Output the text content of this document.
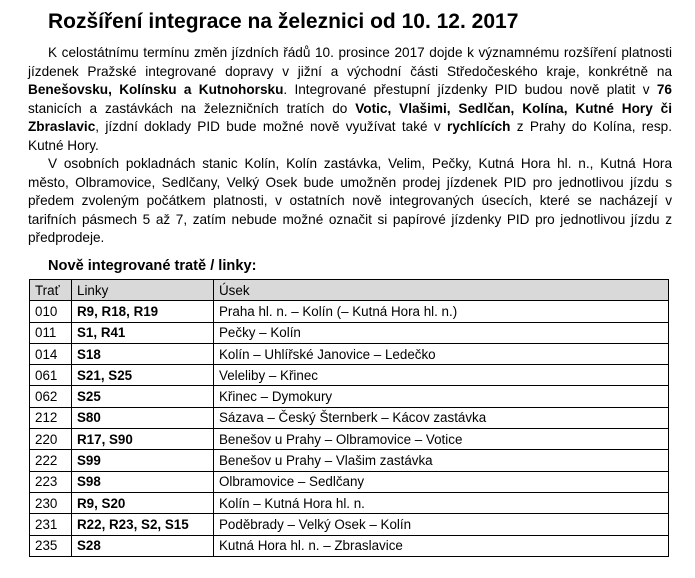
Rozšíření integrace na železnici od 10. 12. 2017

K celostátnímu termínu změn jízdních řádů 10. prosince 2017 dojde k významnému rozšíření platnosti jízdenek Pražské integrované dopravy v jižní a východní části Středočeského kraje, konkrétně na Benešovsku, Kolínsku a Kutnohorsku. Integrované přestupní jízdenky PID budou nově platit v 76 stanicích a zastávkách na železničních tratích do Votic, Vlašimi, Sedlčan, Kolína, Kutné Hory či Zbraslavic, jízdní doklady PID bude možné nově využívat také v rychlících z Prahy do Kolína, resp. Kutné Hory.

V osobních pokladnách stanic Kolín, Kolín zastávka, Velim, Pečky, Kutná Hora hl. n., Kutná Hora město, Olbramovice, Sedlčany, Velký Osek bude umožněn prodej jízdenek PID pro jednotlivou jízdu s předem zvoleným počátkem platnosti, v ostatních nově integrovaných úsecích, které se nacházejí v tarifních pásmech 5 až 7, zatím nebude možné označit si papírové jízdenky PID pro jednotlivou jízdu z předprodeje.

Nově integrované tratě / linky:
Trať	Linky	Úsek
010	R9, R18, R19	Praha hl. n. – Kolín (– Kutná Hora hl. n.)
011	S1, R41	Pečky – Kolín
014	S18	Kolín – Uhlířské Janovice – Ledečko
061	S21, S25	Veleliby – Křinec
062	S25	Křinec – Dymokury
212	S80	Sázava – Český Šternberk – Kácov zastávka
220	R17, S90	Benešov u Prahy – Olbramovice – Votice
222	S99	Benešov u Prahy – Vlašim zastávka
223	S98	Olbramovice – Sedlčany
230	R9, S20	Kolín – Kutná Hora hl. n.
231	R22, R23, S2, S15	Poděbrady – Velký Osek – Kolín
235	S28	Kutná Hora hl. n. – Zbraslavice
